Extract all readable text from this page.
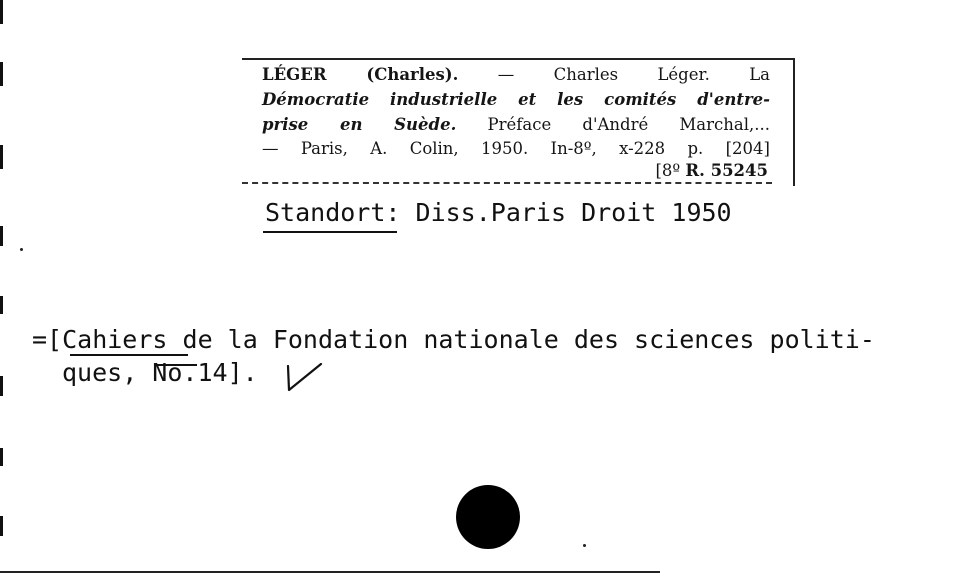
LÉGER (Charles). — Charles Léger. La
Démocratie industrielle et les comités d'entre-
prise en Suède. Préface d'André Marchal,...
— Paris, A. Colin, 1950. In-8º, x-228 p. [204]
[8º R. 55245
Standort: Diss.Paris Droit 1950
=[Cahiers de la Fondation nationale des sciences politi-
ques, No.14].
